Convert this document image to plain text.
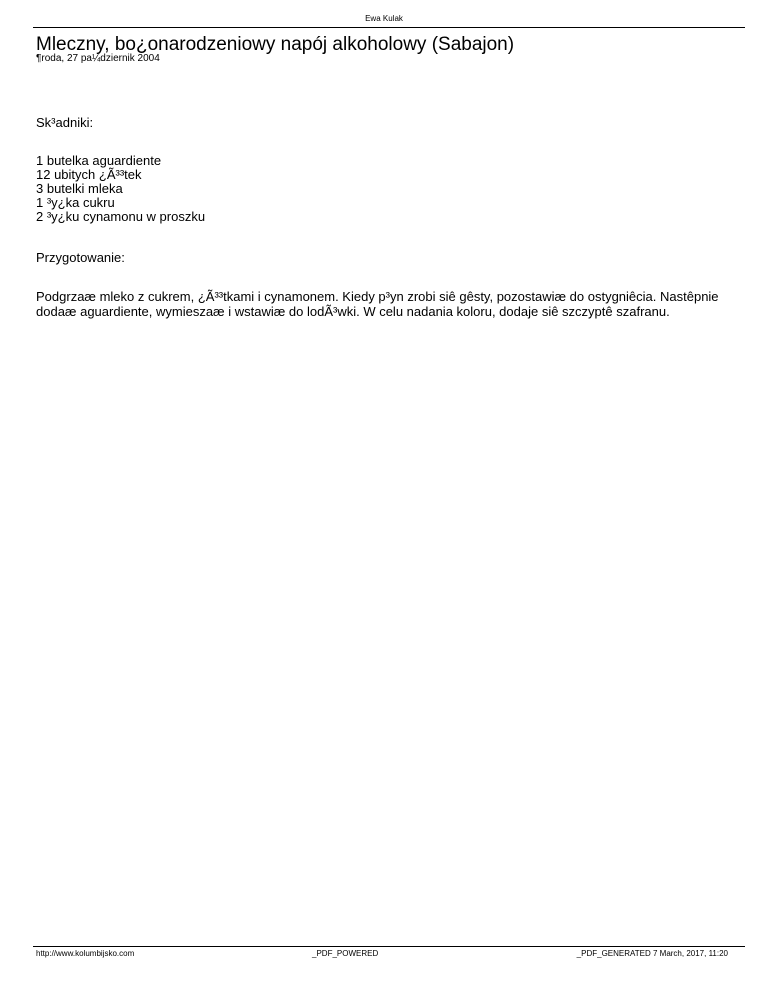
Ewa Kulak
Mleczny, bo¿onarodzeniowy napój alkoholowy (Sabajon)
¶roda, 27 pa¼dziernik 2004
Sk³adniki:
1 butelka aguardiente
12 ubitych ¿Ã³³tek
3 butelki mleka
1 ³y¿ka cukru
2 ³y¿ku cynamonu w proszku
Przygotowanie:

Podgrzaæ mleko z cukrem, ¿Ã³³tkami i cynamonem. Kiedy p³yn zrobi siê gêsty, pozostawiæ do ostygniêcia. Nastêpnie dodaæ aguardiente, wymieszaæ i wstawiæ do lodÃ³wki. W celu nadania koloru, dodaje siê szczyptê szafranu.

http://www.kolumbijsko.com	_PDF_POWERED	_PDF_GENERATED 7 March, 2017, 11:20
